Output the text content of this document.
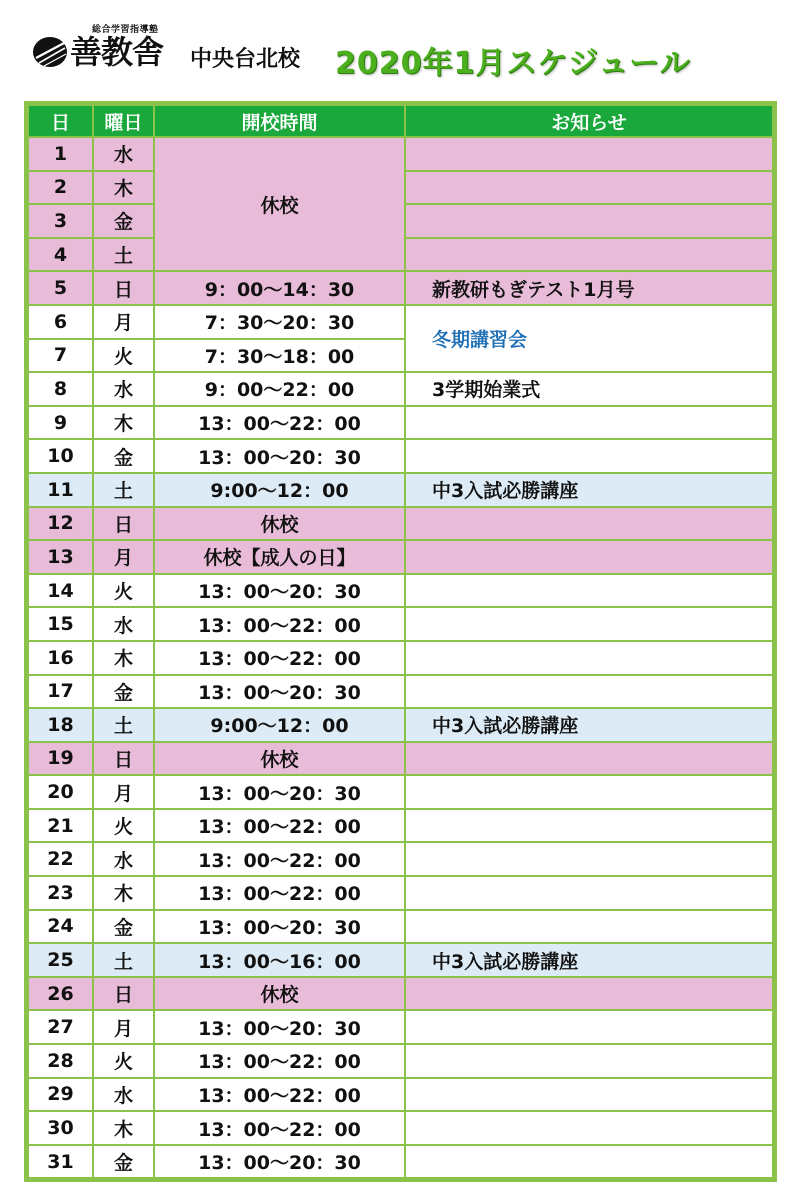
総合学習指導塾
善教舎 中央台北校 2020年1月スケジュール
日	曜日	開校時間	お知らせ
1	水	休校	
2	木		
3	金		
4	土		
5	日	9：00〜14：30	新教研もぎテスト1月号
6	月	7：30〜20：30	冬期講習会
7	火	7：30〜18：00	
8	水	9：00〜22：00	3学期始業式
9	木	13：00〜22：00	
10	金	13：00〜20：30	
11	土	9:00〜12：00	中3入試必勝講座
12	日	休校	
13	月	休校【成人の日】	
14	火	13：00〜20：30	
15	水	13：00〜22：00	
16	木	13：00〜22：00	
17	金	13：00〜20：30	
18	土	9:00〜12：00	中3入試必勝講座
19	日	休校	
20	月	13：00〜20：30	
21	火	13：00〜22：00	
22	水	13：00〜22：00	
23	木	13：00〜22：00	
24	金	13：00〜20：30	
25	土	13：00〜16：00	中3入試必勝講座
26	日	休校	
27	月	13：00〜20：30	
28	火	13：00〜22：00	
29	水	13：00〜22：00	
30	木	13：00〜22：00	
31	金	13：00〜20：30	
